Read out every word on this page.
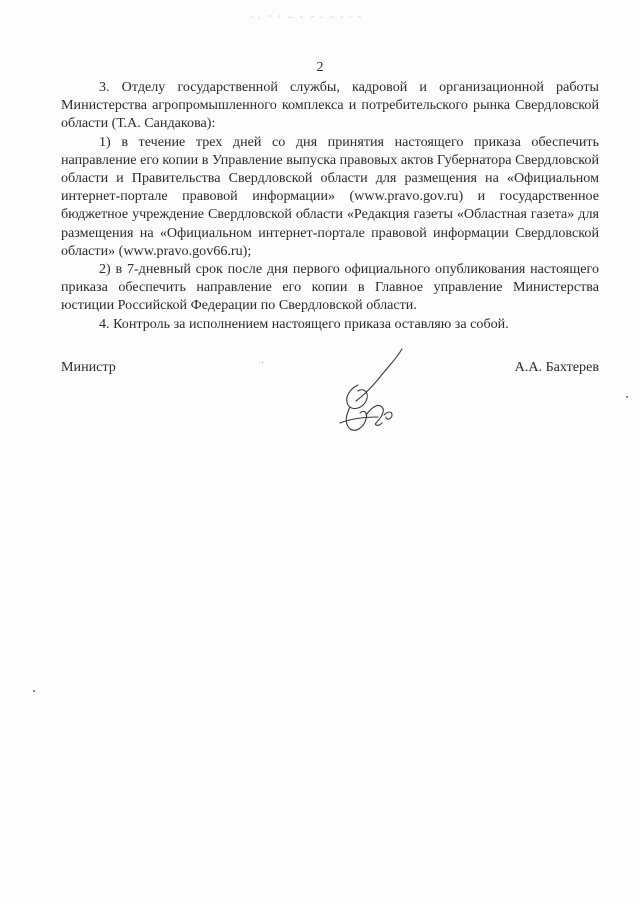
2

3. Отделу государственной службы, кадровой и организационной работы Министерства агропромышленного комплекса и потребительского рынка Свердловской области (Т.А. Сандакова):

1) в течение трех дней со дня принятия настоящего приказа обеспечить направление его копии в Управление выпуска правовых актов Губернатора Свердловской области и Правительства Свердловской области для размещения на «Официальном интернет-портале правовой информации» (www.pravo.gov.ru) и государственное бюджетное учреждение Свердловской области «Редакция газеты «Областная газета» для размещения на «Официальном интернет-портале правовой информации Свердловской области» (www.pravo.gov66.ru);

2) в 7-дневный срок после дня первого официального опубликования настоящего приказа обеспечить направление его копии в Главное управление Министерства юстиции Российской Федерации по Свердловской области.

4. Контроль за исполнением настоящего приказа оставляю за собой.

Министр	А.А. Бахтерев
